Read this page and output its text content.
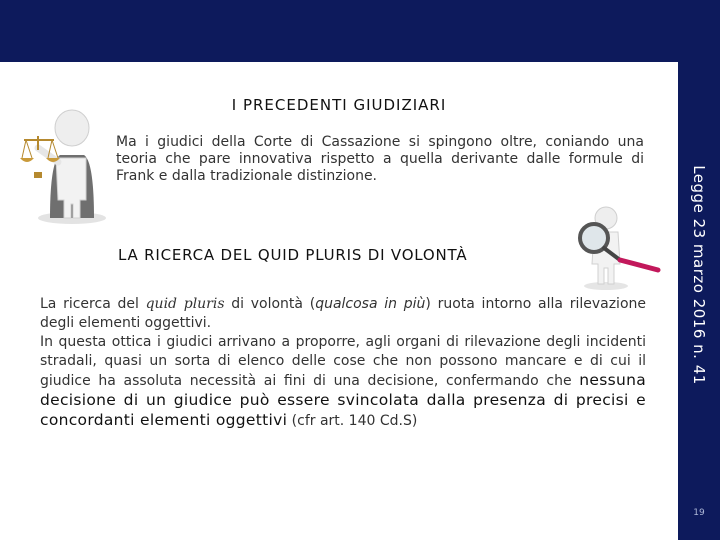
Legge 23 marzo 2016 n. 41
19
I PRECEDENTI GIUDIZIARI
Ma i giudici della Corte di Cassazione si spingono oltre, coniando una teoria che pare innovativa rispetto a quella derivante dalle formule di Frank e dalla tradizionale distinzione.
LA RICERCA DEL QUID PLURIS DI VOLONTÀ

La ricerca del quid pluris di volontà (qualcosa in più) ruota intorno alla rilevazione degli elementi oggettivi.

In questa ottica i giudici arrivano a proporre, agli organi di rilevazione degli incidenti stradali, quasi un sorta di elenco delle cose che non possono mancare e di cui il giudice ha assoluta necessità ai fini di una decisione, confermando che nessuna decisione di un giudice può essere svincolata dalla presenza di precisi e concordanti elementi oggettivi (cfr art. 140 Cd.S)
